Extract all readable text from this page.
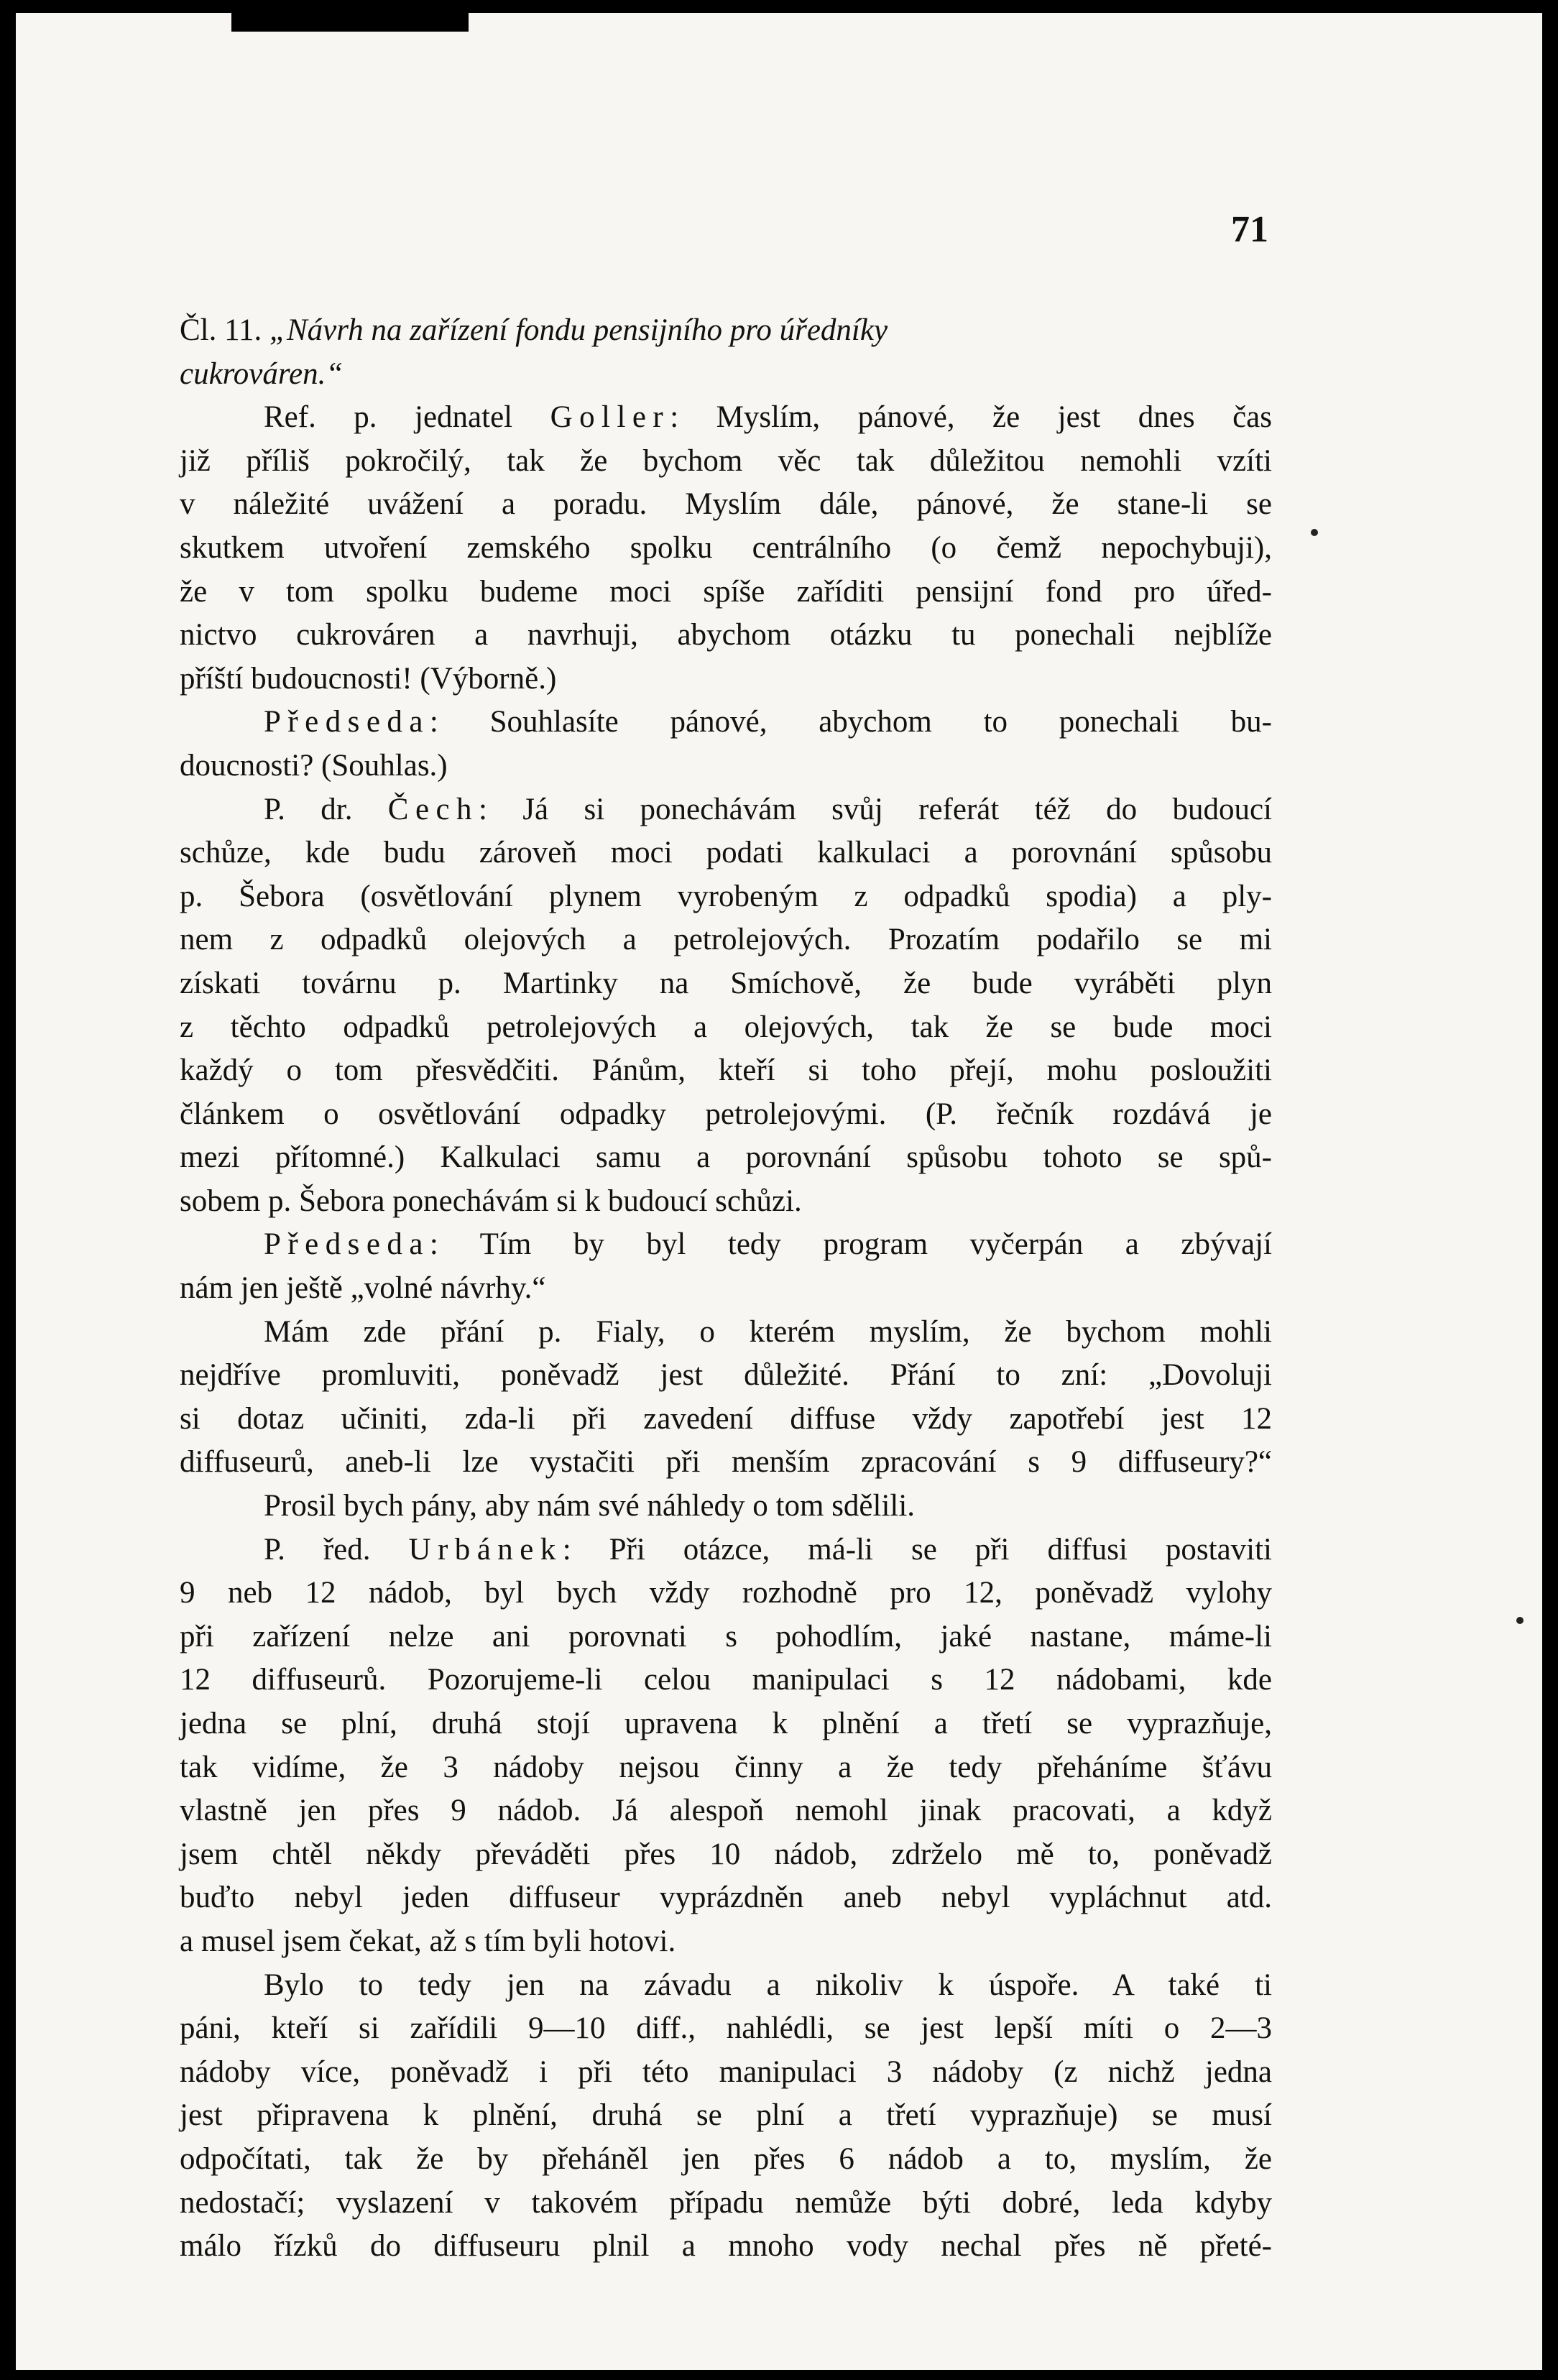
71
Čl. 11. „Návrh na zařízení fondu pensijního pro úředníky
cukrováren.“
Ref. p. jednatel Goller: Myslím, pánové, že jest dnes čas
již příliš pokročilý, tak že bychom věc tak důležitou nemohli vzíti
v náležité uvážení a poradu. Myslím dále, pánové, že stane-li se
skutkem utvoření zemského spolku centrálního (o čemž nepochybuji),
že v tom spolku budeme moci spíše zaříditi pensijní fond pro úřed-
nictvo cukrováren a navrhuji, abychom otázku tu ponechali nejblíže
příští budoucnosti! (Výborně.)
Předseda: Souhlasíte pánové, abychom to ponechali bu-
doucnosti? (Souhlas.)
P. dr. Čech: Já si ponechávám svůj referát též do budoucí
schůze, kde budu zároveň moci podati kalkulaci a porovnání spůsobu
p. Šebora (osvětlování plynem vyrobeným z odpadků spodia) a ply-
nem z odpadků olejových a petrolejových. Prozatím podařilo se mi
získati továrnu p. Martinky na Smíchově, že bude vyráběti plyn
z těchto odpadků petrolejových a olejových, tak že se bude moci
každý o tom přesvědčiti. Pánům, kteří si toho přejí, mohu posloužiti
článkem o osvětlování odpadky petrolejovými. (P. řečník rozdává je
mezi přítomné.) Kalkulaci samu a porovnání spůsobu tohoto se spů-
sobem p. Šebora ponechávám si k budoucí schůzi.
Předseda: Tím by byl tedy program vyčerpán a zbývají
nám jen ještě „volné návrhy.“
Mám zde přání p. Fialy, o kterém myslím, že bychom mohli
nejdříve promluviti, poněvadž jest důležité. Přání to zní: „Dovoluji
si dotaz učiniti, zda-li při zavedení diffuse vždy zapotřebí jest 12
diffuseurů, aneb-li lze vystačiti při menším zpracování s 9 diffuseury?“
Prosil bych pány, aby nám své náhledy o tom sdělili.
P. řed. Urbánek: Při otázce, má-li se při diffusi postaviti
9 neb 12 nádob, byl bych vždy rozhodně pro 12, poněvadž vylohy
při zařízení nelze ani porovnati s pohodlím, jaké nastane, máme-li
12 diffuseurů. Pozorujeme-li celou manipulaci s 12 nádobami, kde
jedna se plní, druhá stojí upravena k plnění a třetí se vyprazňuje,
tak vidíme, že 3 nádoby nejsou činny a že tedy přeháníme šťávu
vlastně jen přes 9 nádob. Já alespoň nemohl jinak pracovati, a když
jsem chtěl někdy převáděti přes 10 nádob, zdrželo mě to, poněvadž
buďto nebyl jeden diffuseur vyprázdněn aneb nebyl vypláchnut atd.
a musel jsem čekat, až s tím byli hotovi.
Bylo to tedy jen na závadu a nikoliv k úspoře. A také ti
páni, kteří si zařídili 9—10 diff., nahlédli, se jest lepší míti o 2—3
nádoby více, poněvadž i při této manipulaci 3 nádoby (z nichž jedna
jest připravena k plnění, druhá se plní a třetí vyprazňuje) se musí
odpočítati, tak že by přeháněl jen přes 6 nádob a to, myslím, že
nedostačí; vyslazení v takovém případu nemůže býti dobré, leda kdyby
málo řízků do diffuseuru plnil a mnoho vody nechal přes ně přeté-
